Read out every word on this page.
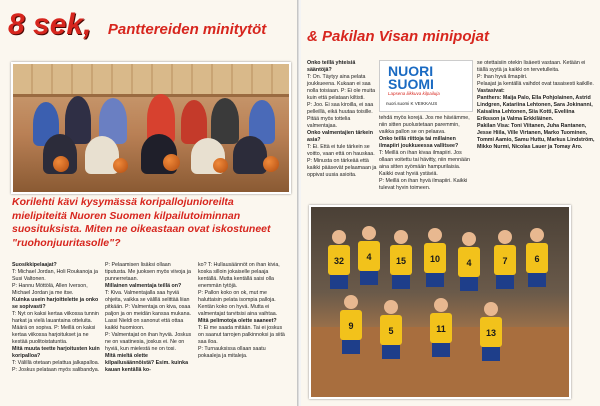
8 sek, Panttereiden minitytöt
Korilehti kävi kysymässä koripallojunioreilta mielipiteitä Nuoren Suomen kilpailutoiminnan suosituksista. Miten ne oikeastaan ovat iskostuneet "ruohonjuuritasolle"?
Suosikkipelaajat?
T: Michael Jordan, Holi Roukanoja ja Susi Valtonen.
P: Hannu Möttölä, Allen Iverson, Michael Jordan ja me itse.
Kuinka usein harjoittelette ja onko se sopivasti?
T: Nyt on kaksi kertaa viikossa tunnin harkat ja vielä lauantaina otteluita. Määrä on sopiva. P: Meillä on kaksi kertaa viikossa harjoitukset ja ne kestää puolitoistatuntia.
Mitä muuta teette harjoitusten kuin koripalloa?
T: Välillä otetaan pelattua jalkapalloa. P: Joskus pelataan myös salibandya.
P: Pelaamisen lisäksi ollaan tiputusta. Me juoksen myös viivoja ja punnerretaan.
Millainen valmentaja teillä on?
T: Kiva. Valmentajalla saa hyviä ohjeita, vaikka se välillä selittää liian pitkään. P: Valmentaja on kiva, osaa paljon ja on meidän kanssa mukana. Lassi Nieldi on sanonut että ottaa kaikki huomioon.
P: Valmentajat on ihan hyviä. Joskus ne on vaatinesia, joskus ei. Ne on hyviä, kun mielestä ne on tosi.
Mitä mieltä olette kilpailusäännöistä? Esim. kuinka kauan kentällä ko-
ko? T: Hullausäännöt on ihan kivia, koska silloin jokaiselle pelaaja kentällä. Mutta kentällä saisi olla enemmän tytöjä.
P: Pallon koko on ok, mut me haluttaisin pelata isompia palloja. Kentän koko on hyvä. Mutta ei valmentajat tarvitsisi aina vaihtaa.
Mitä pelimotoja olette saaneet?
T: Ei me saada mitään. Tai ei joskus on saanut tarrojen palkinnoksi ja siitä saa iloa.
P: Turnauksissa ollaan saatu pokaaleja ja mitaleja.
& Pakilan Visan minipojat
Onko teillä yhteisiä sääntöjä?
T: On. Täytyy aina pelata joukkueena. Kukaan ei saa nolla toisiaan. P: Ei ole muita kuin että pelataan kiltisti.
P: Joo. Ei saa kiroilla, ei saa pelleillä, eikä huutaa toisille. Pitää myös tottelia valmentajaa.
Onko valmentajien tärkein asia?
T: Ei. Että ei tule tärkein se voitto, vaan että on hauskaa. P: Minusta on tärkeää että kaikki pääsevät pelaamaan ja oppivat uusia asioita.
NUORI
SUOMI
Lapsena liikkuva kilpailuja
nuori.suomi K VEIKKAUS
tehdä myös korejä. Jos me häviämme, niin sitten puolustetaan paremmin, vaikka pallon se on pelaava.
Onko teillä riittoja tai millainen ilmapiiri joukkueessa vallitsee?
T: Meillä on ihan kivaa ilmapiiri. Jos ollaan voitettu tai hävitty, niin mennään aina sitten syömään hampurilaisia. Kaikki ovat hyviä ystäviä.
P: Meillä on ihan hyvä ilmapiiri. Kaikki tulevat hyvin toimeen.
se otettaisiin otekin lisäeeti vastaan. Ketään ei tiällä syytä ja kaikki on tervetulleita.
P: Ihan hyvä ilmapiiri.
Pelaajat ja kentällä vaihdot ovat tasaisesti kaikille.
Vastasivat:
Panthers: Maija Palo, Ella Pohjolainen, Astrid Lindgren, Katariina Lehtonen, Sara Jokinanni, Kaisalina Lehtonen, Siia Kotti, Eveliina Eriksson ja Valma Erkkiläinen.
Pakilan Visa: Toni Viitanen, Juha Rantanen, Jesse Hiila, Ville Virtanen, Marko Tuominen, Tommi Aamio, Samu Huttu, Markus Lindström, Mikko Nurmi, Nicolas Lauer ja Tomay Aro.
32 4	15	10	4	7	6
9	5	11	13
